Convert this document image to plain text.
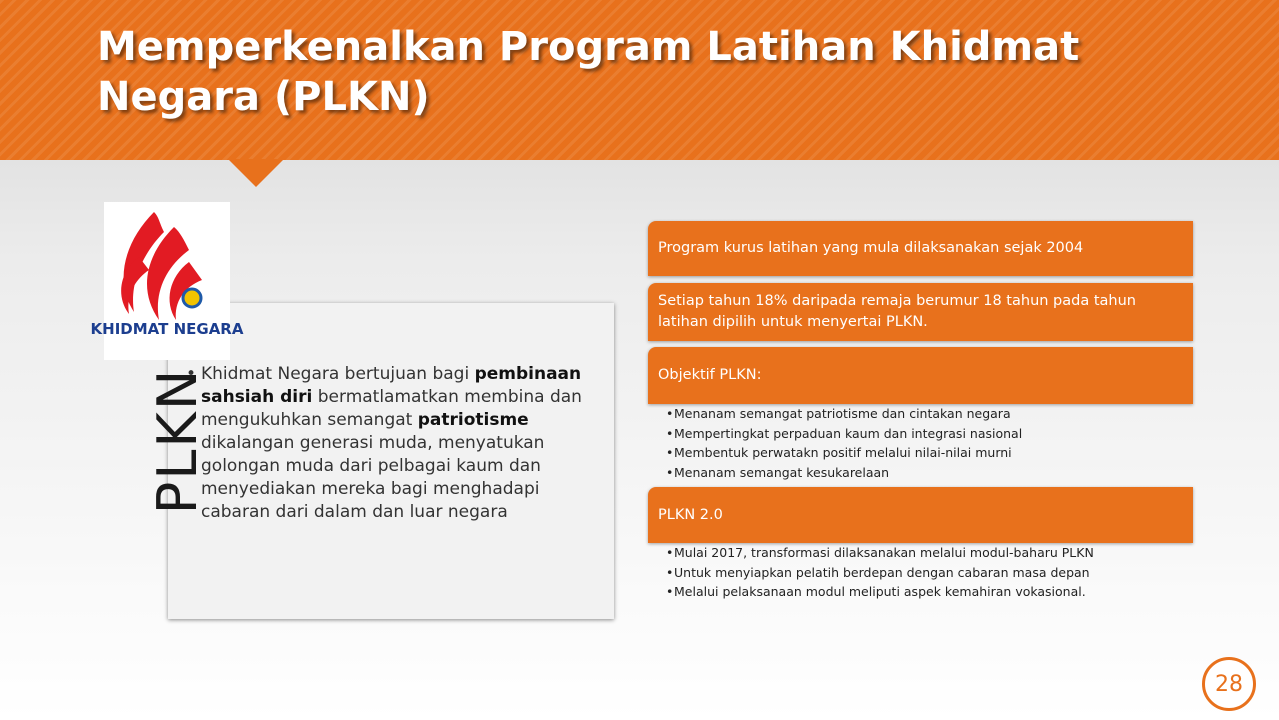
Memperkenalkan Program Latihan Khidmat Negara (PLKN)
PLKN
KHIDMAT NEGARA
• Khidmat Negara bertujuan bagi pembinaan sahsiah diri bermatlamatkan membina dan mengukuhkan semangat patriotisme dikalangan generasi muda, menyatukan golongan muda dari pelbagai kaum dan menyediakan mereka bagi menghadapi cabaran dari dalam dan luar negara
Program kurus latihan yang mula dilaksanakan sejak 2004
Setiap tahun 18% daripada remaja berumur 18 tahun pada tahun latihan dipilih untuk menyertai PLKN.
Objektif PLKN:
• Menanam semangat patriotisme dan cintakan negara
• Mempertingkat perpaduan kaum dan integrasi nasional
• Membentuk perwatakn positif melalui nilai-nilai murni
• Menanam semangat kesukarelaan
PLKN 2.0
• Mulai 2017, transformasi dilaksanakan melalui modul-baharu PLKN
• Untuk menyiapkan pelatih berdepan dengan cabaran masa depan
• Melalui pelaksanaan modul meliputi aspek kemahiran vokasional.
28
